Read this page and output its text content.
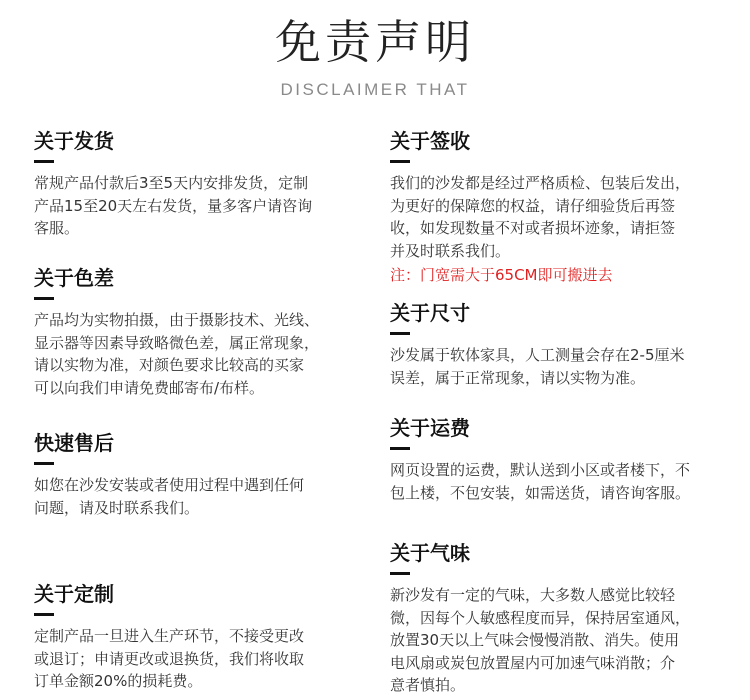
免责声明
DISCLAIMER THAT
关于发货

常规产品付款后3至5天内安排发货，定制

产品15至20天左右发货，量多客户请咨询

客服。

关于色差

产品均为实物拍摄，由于摄影技术、光线、

显示器等因素导致略微色差，属正常现象，

请以实物为准，对颜色要求比较高的买家

可以向我们申请免费邮寄布/布样。

快速售后

如您在沙发安装或者使用过程中遇到任何

问题，请及时联系我们。

关于定制

定制产品一旦进入生产环节，不接受更改

或退订；申请更改或退换货，我们将收取

订单金额20%的损耗费。

关于签收

我们的沙发都是经过严格质检、包装后发出，

为更好的保障您的权益，请仔细验货后再签

收，如发现数量不对或者损坏迹象，请拒签

并及时联系我们。

注：门宽需大于65CM即可搬进去

关于尺寸

沙发属于软体家具，人工测量会存在2-5厘米

误差，属于正常现象，请以实物为准。

关于运费

网页设置的运费，默认送到小区或者楼下，不

包上楼，不包安装，如需送货，请咨询客服。

关于气味

新沙发有一定的气味，大多数人感觉比较轻

微，因每个人敏感程度而异，保持居室通风，

放置30天以上气味会慢慢消散、消失。使用

电风扇或炭包放置屋内可加速气味消散；介

意者慎拍。
